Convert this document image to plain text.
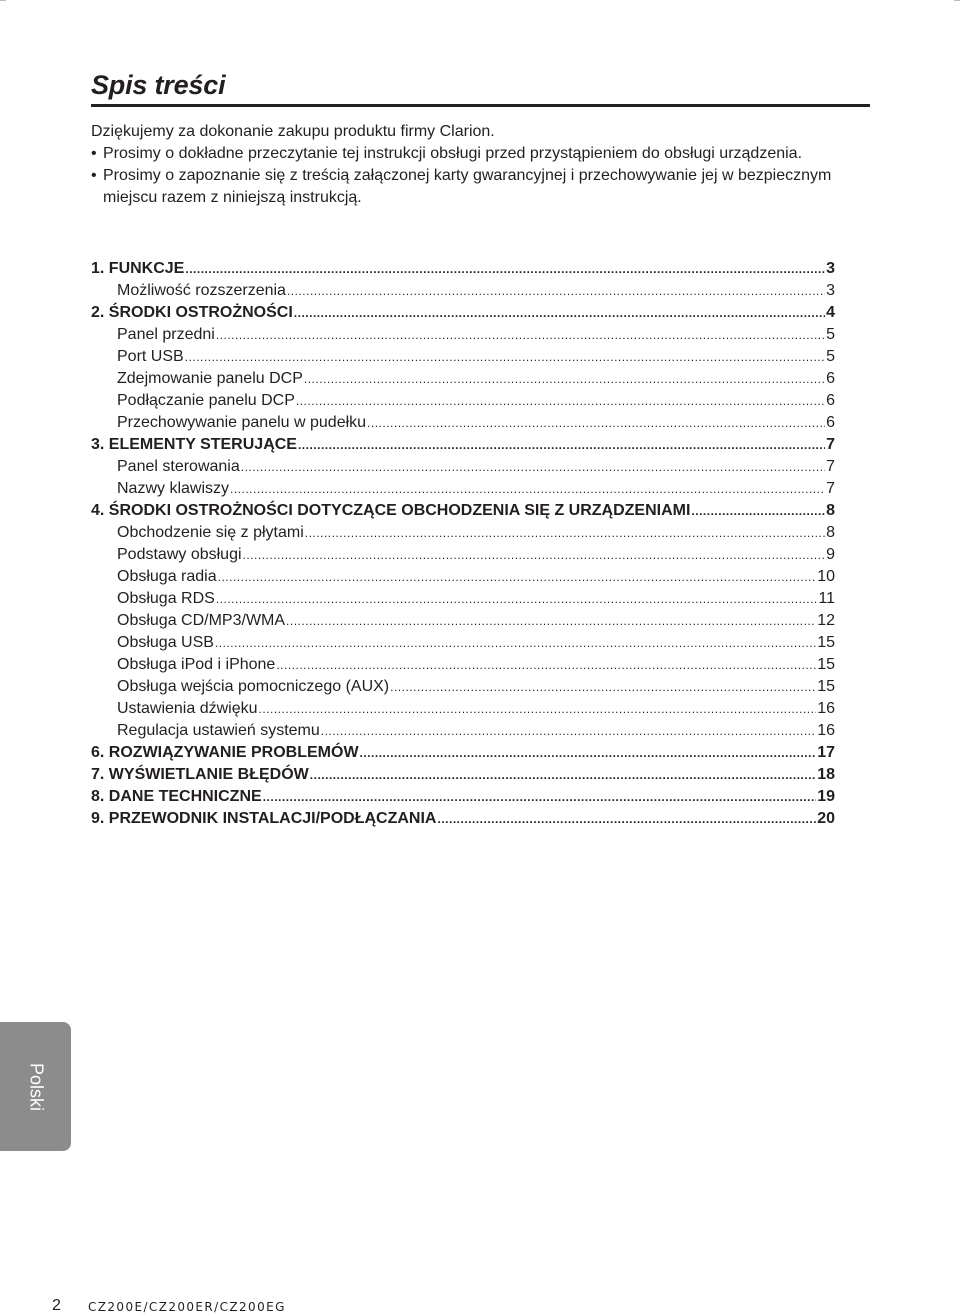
Spis treści

Dziękujemy za dokonanie zakupu produktu firmy Clarion.

• Prosimy o dokładne przeczytanie tej instrukcji obsługi przed przystąpieniem do obsługi urządzenia.

• Prosimy o zapoznanie się z treścią załączonej karty gwarancyjnej i przechowywanie jej w bezpiecznym miejscu razem z niniejszą instrukcją.

1. FUNKCJE .....	3
Możliwość rozszerzenia .....	3
2. ŚRODKI OSTROŻNOŚCI .....	4
Panel przedni .....	5
Port USB .....	5
Zdejmowanie panelu DCP .....	6
Podłączanie panelu DCP .....	6
Przechowywanie panelu w pudełku .....	6
3. ELEMENTY STERUJĄCE .....	7
Panel sterowania .....	7
Nazwy klawiszy .....	7
4. ŚRODKI OSTROŻNOŚCI DOTYCZĄCE OBCHODZENIA SIĘ Z URZĄDZENIAMI .....	8
Obchodzenie się z płytami .....	8
Podstawy obsługi .....	9
Obsługa radia .....	10
Obsługa RDS .....	11
Obsługa CD/MP3/WMA .....	12
Obsługa USB .....	15
Obsługa iPod i iPhone .....	15
Obsługa wejścia pomocniczego (AUX) .....	15
Ustawienia dźwięku .....	16
Regulacja ustawień systemu .....	16
6. ROZWIĄZYWANIE PROBLEMÓW .....	17
7. WYŚWIETLANIE BŁĘDÓW .....	18
8. DANE TECHNICZNE .....	19
9. PRZEWODNIK INSTALACJI/PODŁĄCZANIA .....	20
Polski
2 CZ200E/CZ200ER/CZ200EG
